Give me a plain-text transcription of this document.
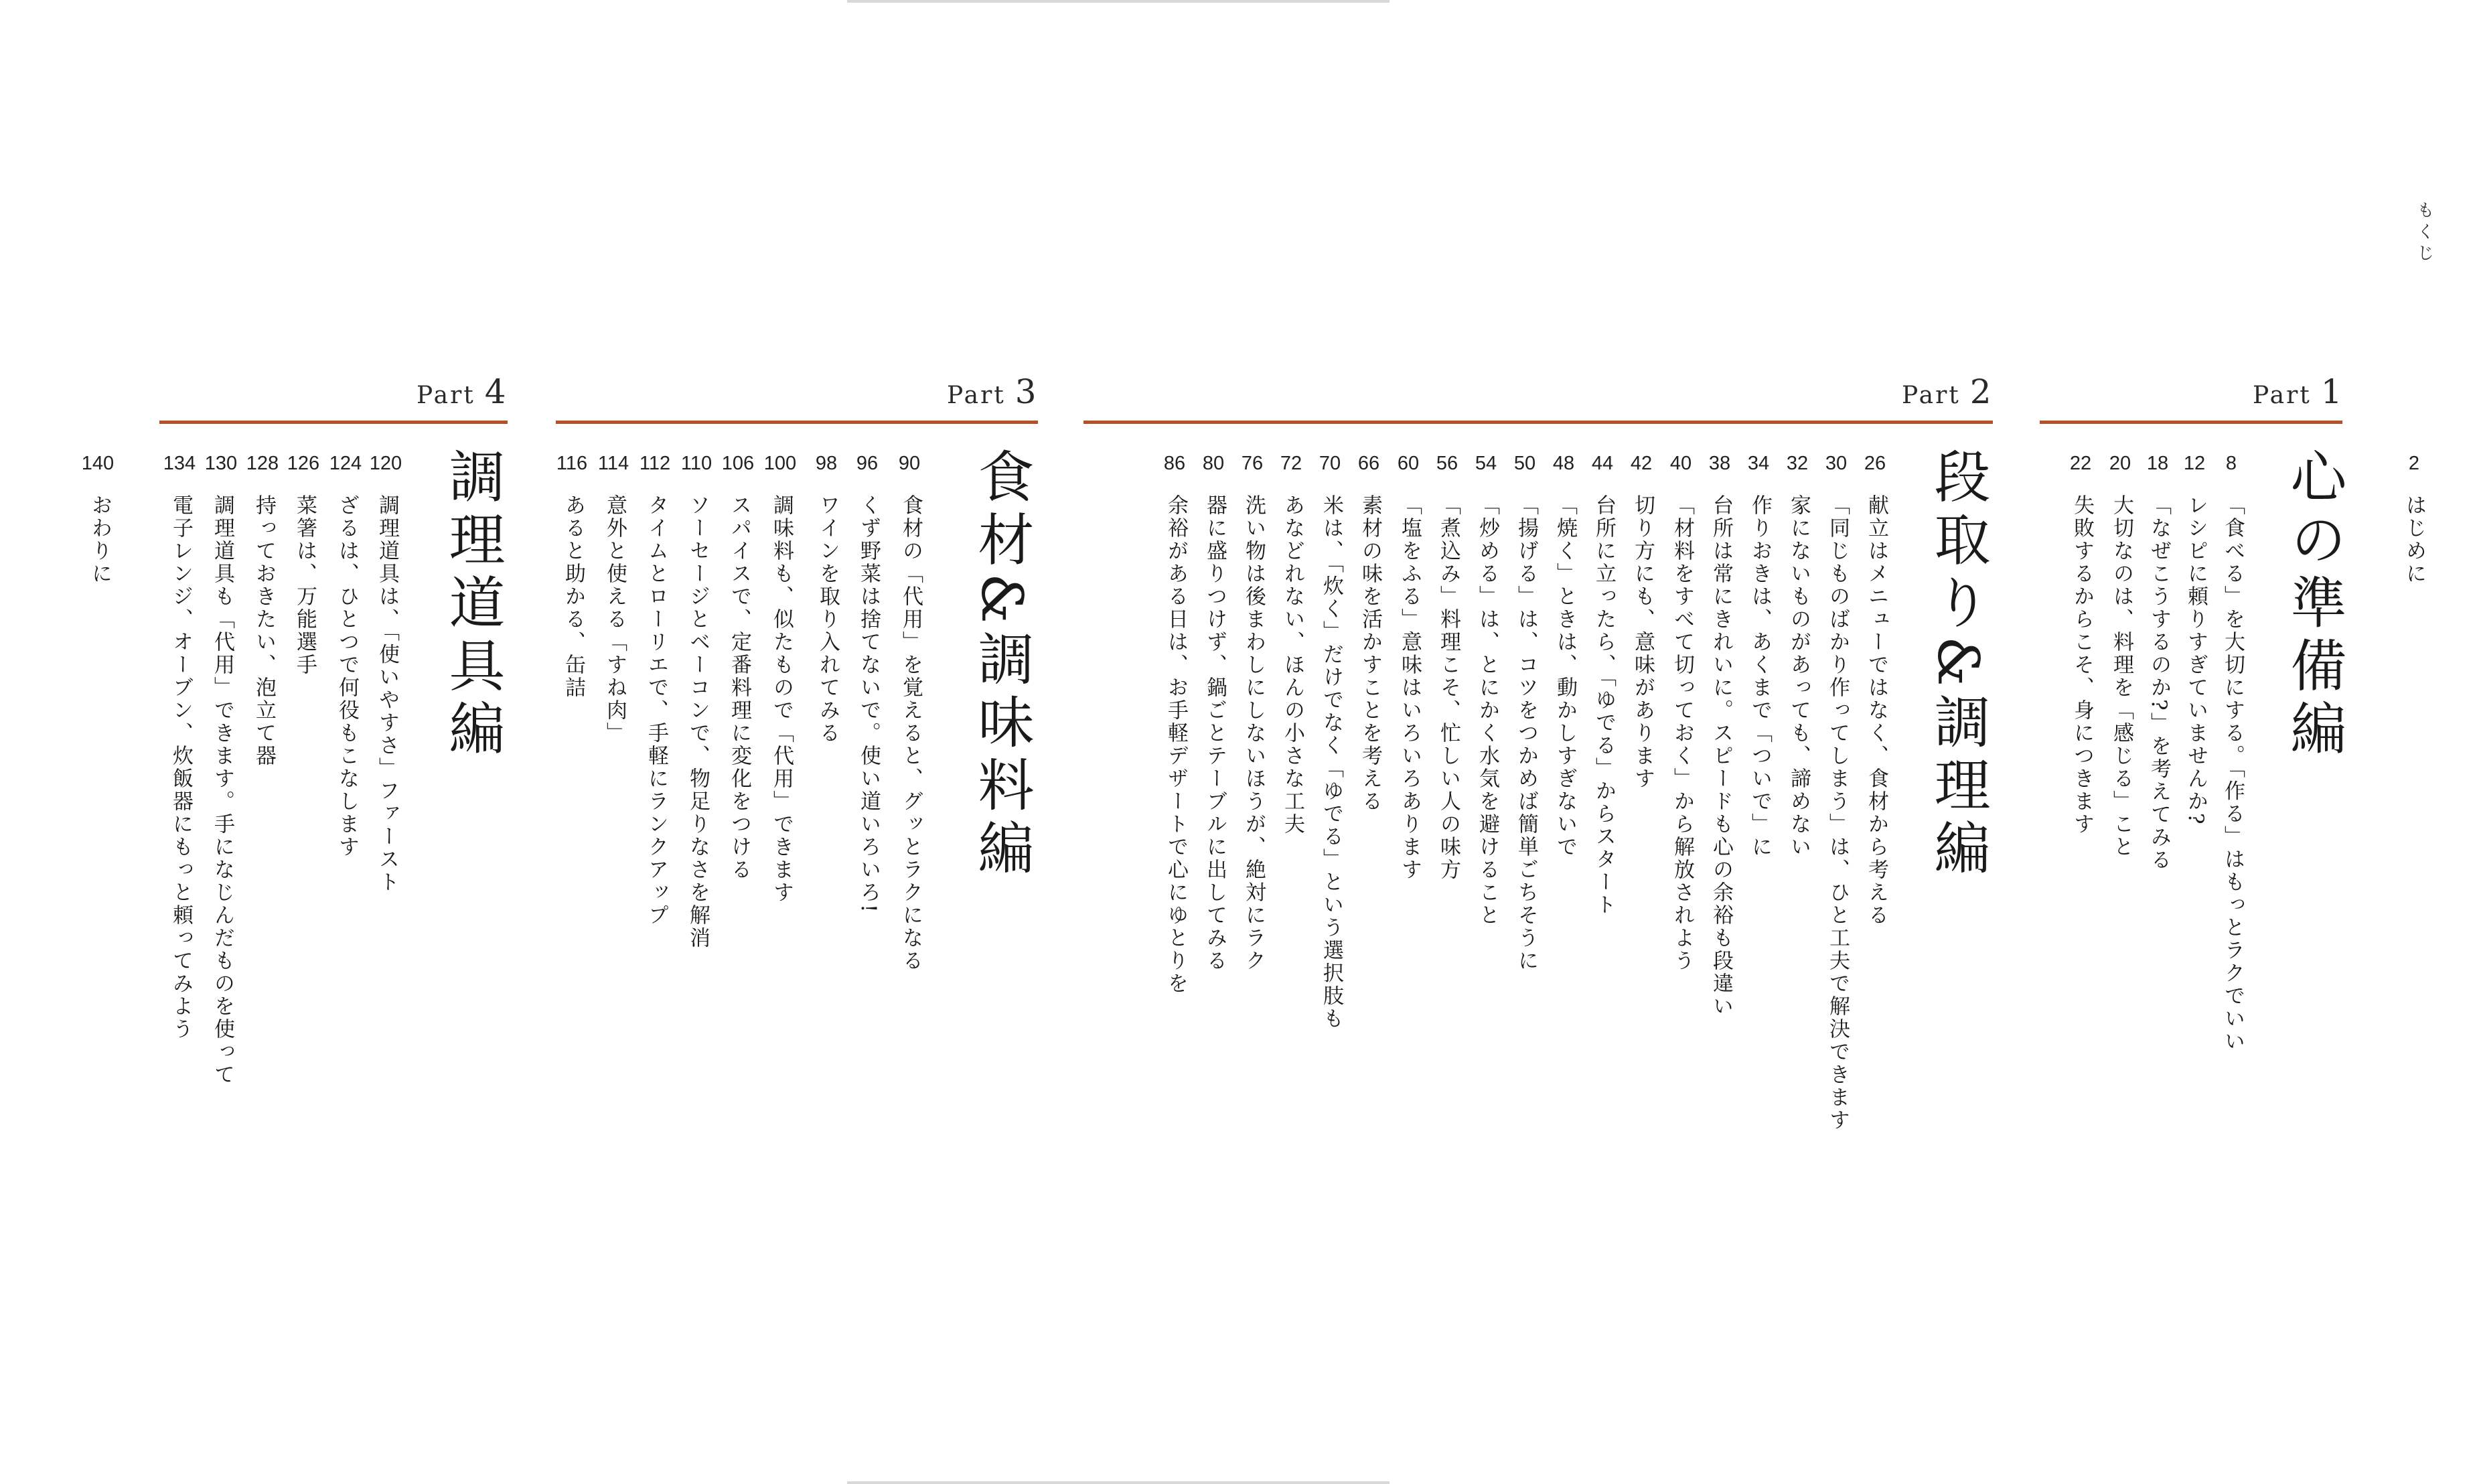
もくじ
2
はじめに
Part 1
心の準備編
8
「食べる」を大切にする。「作る」はもっとラクでいい
12
レシピに頼りすぎていませんか?
18
「なぜこうするのか?」を考えてみる
20
大切なのは、料理を「感じる」こと
22
失敗するからこそ、身につきます
Part 2
段取り&調理編
26
献立はメニューではなく、食材から考える
30
「同じものばかり作ってしまう」は、ひと工夫で解決できます
32
家にないものがあっても、諦めない
34
作りおきは、あくまで「ついで」に
38
台所は常にきれいに。スピードも心の余裕も段違い
40
「材料をすべて切っておく」から解放されよう
42
切り方にも、意味があります
44
台所に立ったら、「ゆでる」からスタート
48
「焼く」ときは、動かしすぎないで
50
「揚げる」は、コツをつかめば簡単ごちそうに
54
「炒める」は、とにかく水気を避けること
56
「煮込み」料理こそ、忙しい人の味方
60
「塩をふる」意味はいろいろあります
66
素材の味を活かすことを考える
70
米は、「炊く」だけでなく「ゆでる」という選択肢も
72
あなどれない、ほんの小さな工夫
76
洗い物は後まわしにしないほうが、絶対にラク
80
器に盛りつけず、鍋ごとテーブルに出してみる
86
余裕がある日は、お手軽デザートで心にゆとりを
Part 3
食材&調味料編
90
食材の「代用」を覚えると、グッとラクになる
96
くず野菜は捨てないで。使い道いろいろ!
98
ワインを取り入れてみる
100
調味料も、似たもので「代用」できます
106
スパイスで、定番料理に変化をつける
110
ソーセージとベーコンで、物足りなさを解消
112
タイムとローリエで、手軽にランクアップ
114
意外と使える「すね肉」
116
あると助かる、缶詰
Part 4
調理道具編
120
調理道具は、「使いやすさ」ファースト
124
ざるは、ひとつで何役もこなします
126
菜箸は、万能選手
128
持っておきたい、泡立て器
130
調理道具も「代用」できます。手になじんだものを使って
134
電子レンジ、オーブン、炊飯器にもっと頼ってみよう
140
おわりに
